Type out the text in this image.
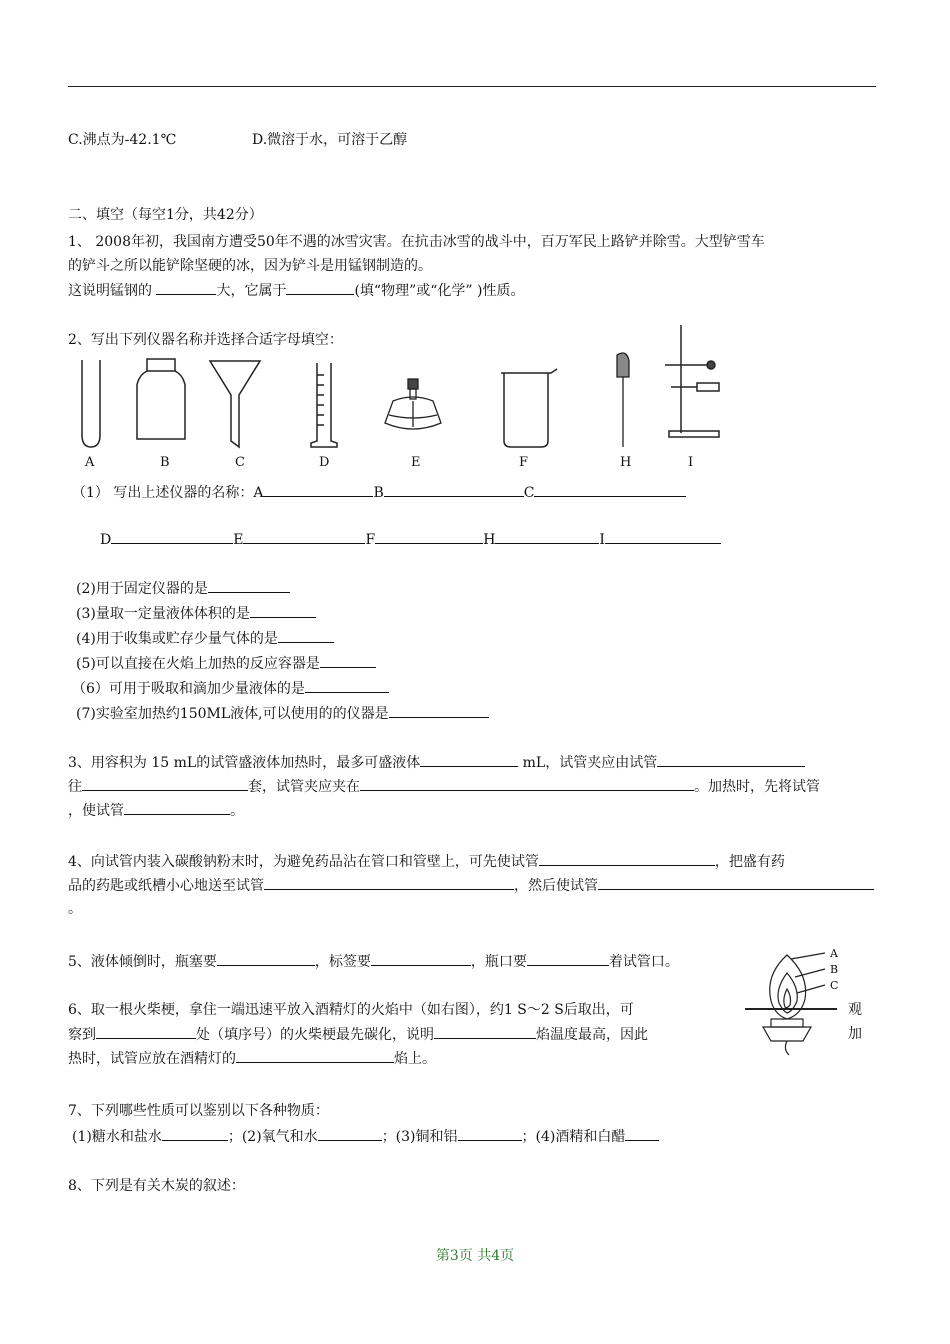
C.沸点为-42.1℃	D.微溶于水，可溶于乙醇
二、填空（每空1分，共42分）
1、 2008年初，我国南方遭受50年不遇的冰雪灾害。在抗击冰雪的战斗中，百万军民上路铲并除雪。大型铲雪车
的铲斗之所以能铲除坚硬的冰，因为铲斗是用锰钢制造的。
这说明锰钢的	大，它属于	(填“物理”或“化学” )性质。
2、写出下列仪器名称并选择合适字母填空：
A	B	C	D	E	F	H	I
（1） 写出上述仪器的名称：A	B	C
D	E	F	H	I
(2)用于固定仪器的是
(3)量取一定量液体体积的是
(4)用于收集或贮存少量气体的是
(5)可以直接在火焰上加热的反应容器是
（6）可用于吸取和滴加少量液体的是
(7)实验室加热约150ML液体,可以使用的的仪器是
3、用容积为 15 mL的试管盛液体加热时，最多可盛液体	mL，试管夹应由试管
往	套，试管夹应夹在	。加热时，先将试管
，使试管	。
4、向试管内装入碳酸钠粉末时，为避免药品沾在管口和管壁上，可先使试管	，把盛有药
品的药匙或纸槽小心地送至试管	，然后使试管
。
5、液体倾倒时，瓶塞要	，标签要	，瓶口要	着试管口。
6、取一根火柴梗，拿住一端迅速平放入酒精灯的火焰中（如右图），约1 S～2 S后取出，可	观
察到	处（填序号）的火柴梗最先碳化，说明	焰温度最高，因此	加
热时，试管应放在酒精灯的	焰上。
A
B
C
7、下列哪些性质可以鉴别以下各种物质：
(1)糖水和盐水	；(2)氧气和水	；(3)铜和铝	；(4)酒精和白醋
8、下列是有关木炭的叙述：
第3页 共4页
